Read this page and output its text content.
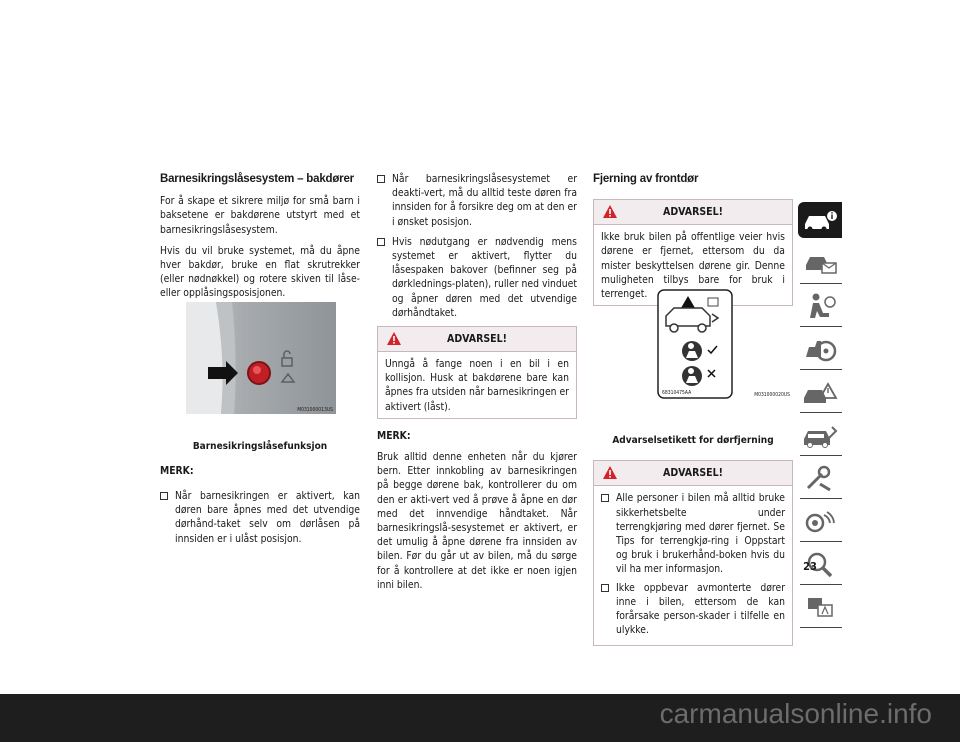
Barnesikringslåsesystem – bakdører

For å skape et sikrere miljø for små barn i baksetene er bakdørene utstyrt med et barnesikringslåsesystem.

Hvis du vil bruke systemet, må du åpne hver bakdør, bruke en flat skrutrekker (eller nødnøkkel) og rotere skiven til låse- eller opplåsingsposisjonen.

Barnesikringslåsefunksjon

MERK:

Når barnesikringen er aktivert, kan døren bare åpnes med det utvendige dørhånd-taket selv om dørlåsen på innsiden er i ulåst posisjon.
M031000013US
Når barnesikringslåsesystemet er deakti-vert, må du alltid teste døren fra innsiden for å forsikre deg om at den er i ønsket posisjon.
Hvis nødutgang er nødvendig mens systemet er aktivert, flytter du låsespaken bakover (befinner seg på dørklednings-platen), ruller ned vinduet og åpner døren med det utvendige dørhåndtaket.
ADVARSEL!

Unngå å fange noen i en bil i en kollisjon. Husk at bakdørene bare kan åpnes fra utsiden når barnesikringen er aktivert (låst).

MERK:

Bruk alltid denne enheten når du kjører bern. Etter innkobling av barnesikringen på begge dørene bak, kontrollerer du om den er akti-vert ved å prøve å åpne en dør med det innvendige håndtaket. Når barnesikringslå-sesystemet er aktivert, er det umulig å åpne dørene fra innsiden av bilen. Før du går ut av bilen, må du sørge for å kontrollere at det ikke er noen igjen inni bilen.

Fjerning av frontdør
ADVARSEL!

Ikke bruk bilen på offentlige veier hvis dørene er fjernet, ettersom du da mister beskyttelsen dørene gir. Denne muligheten tilbys bare for bruk i terrenget.

Advarselsetikett for dørfjerning
ADVARSEL!
Alle personer i bilen må alltid bruke sikkerhetsbelte under terrengkjøring med dører fjernet. Se Tips for terrengkjø-ring i Oppstart og bruk i brukerhånd-boken hvis du vil ha mer informasjon.
Ikke oppbevar avmonterte dører inne i bilen, ettersom de kan forårsake person-skader i tilfelle en ulykke.
68310475AA	M031000020US
23
carmanualsonline.info
